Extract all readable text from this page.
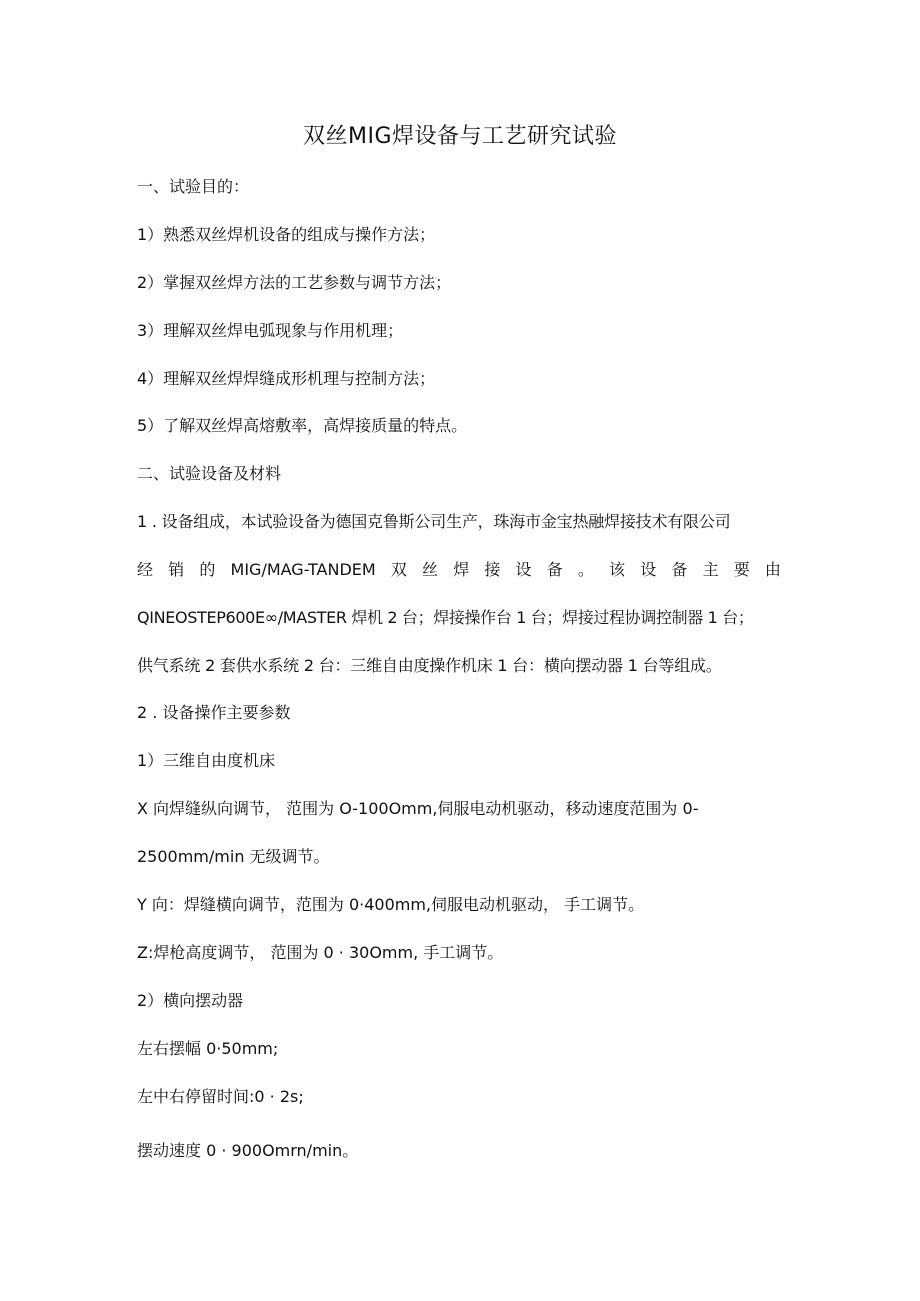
双丝MIG焊设备与工艺研究试验
一、试验目的：
1）熟悉双丝焊机设备的组成与操作方法；
2）掌握双丝焊方法的工艺参数与调节方法；
3）理解双丝焊电弧现象与作用机理；
4）理解双丝焊焊缝成形机理与控制方法；
5）了解双丝焊高熔敷率，高焊接质量的特点。
二、试验设备及材料
1 . 设备组成，本试验设备为德国克鲁斯公司生产，珠海市金宝热融焊接技术有限公司
经 销 的 MIG/MAG-TANDEM 双 丝 焊 接 设 备 。 该 设 备 主 要 由
QINEOSTEP600E∞/MASTER 焊机 2 台；焊接操作台 1 台；焊接过程协调控制器 1 台；
供气系统 2 套供水系统 2 台：三维自由度操作机床 1 台：横向摆动器 1 台等组成。
2 . 设备操作主要参数
1）三维自由度机床
X 向焊缝纵向调节， 范围为 O-100Omm,伺服电动机驱动，移动速度范围为 0-
2500mm/min 无级调节。
Y 向：焊缝横向调节，范围为 0·400mm,伺服电动机驱动， 手工调节。
Z:焊枪高度调节， 范围为 0 · 30Omm, 手工调节。
2）横向摆动器
左右摆幅 0·50mm;
左中右停留时间:0 · 2s;
摆动速度 0 · 900Omrn/min。
